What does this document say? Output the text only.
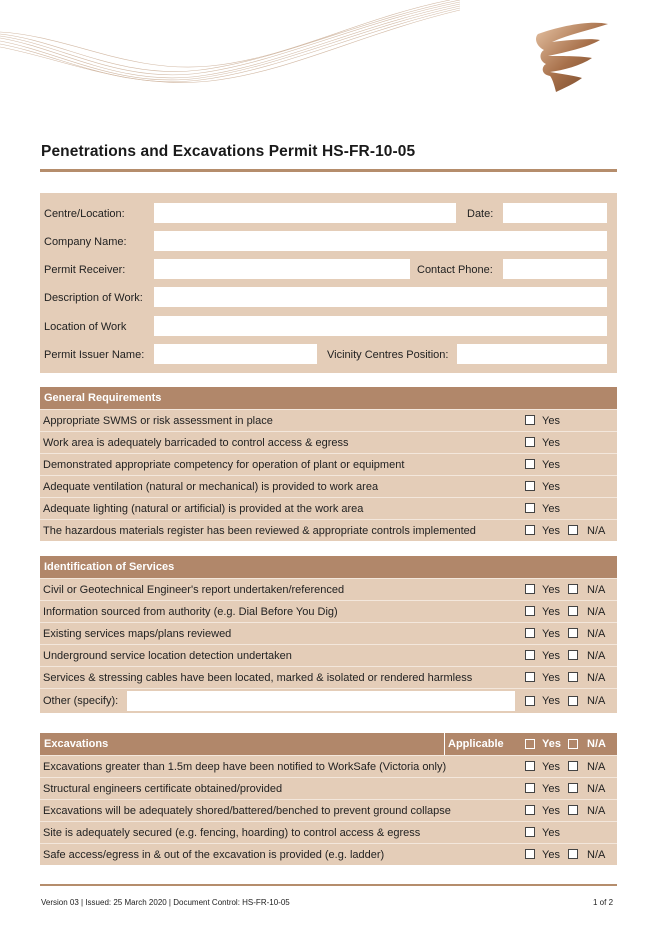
Penetrations and Excavations Permit HS-FR-10-05
Centre/Location:	Date:
Company Name:
Permit Receiver:	Contact Phone:
Description of Work:
Location of Work
Permit Issuer Name:	Vicinity Centres Position:
General Requirements
Appropriate SWMS or risk assessment in place	Yes
Work area is adequately barricaded to control access & egress	Yes
Demonstrated appropriate competency for operation of plant or equipment	Yes
Adequate ventilation (natural or mechanical) is provided to work area	Yes
Adequate lighting (natural or artificial) is provided at the work area	Yes
The hazardous materials register has been reviewed & appropriate controls implemented	Yes N/A
Identification of Services
Civil or Geotechnical Engineer's report undertaken/referenced	Yes N/A
Information sourced from authority (e.g. Dial Before You Dig)	Yes N/A
Existing services maps/plans reviewed	Yes N/A
Underground service location detection undertaken	Yes N/A
Services & stressing cables have been located, marked & isolated or rendered harmless	Yes N/A
Other (specify):	Yes N/A
Excavations	Applicable	Yes N/A
Excavations greater than 1.5m deep have been notified to WorkSafe (Victoria only)	Yes N/A
Structural engineers certificate obtained/provided	Yes N/A
Excavations will be adequately shored/battered/benched to prevent ground collapse	Yes N/A
Site is adequately secured (e.g. fencing, hoarding) to control access & egress	Yes
Safe access/egress in & out of the excavation is provided (e.g. ladder)	Yes N/A
Version 03 | Issued: 25 March 2020 | Document Control: HS-FR-10-05	1 of 2
